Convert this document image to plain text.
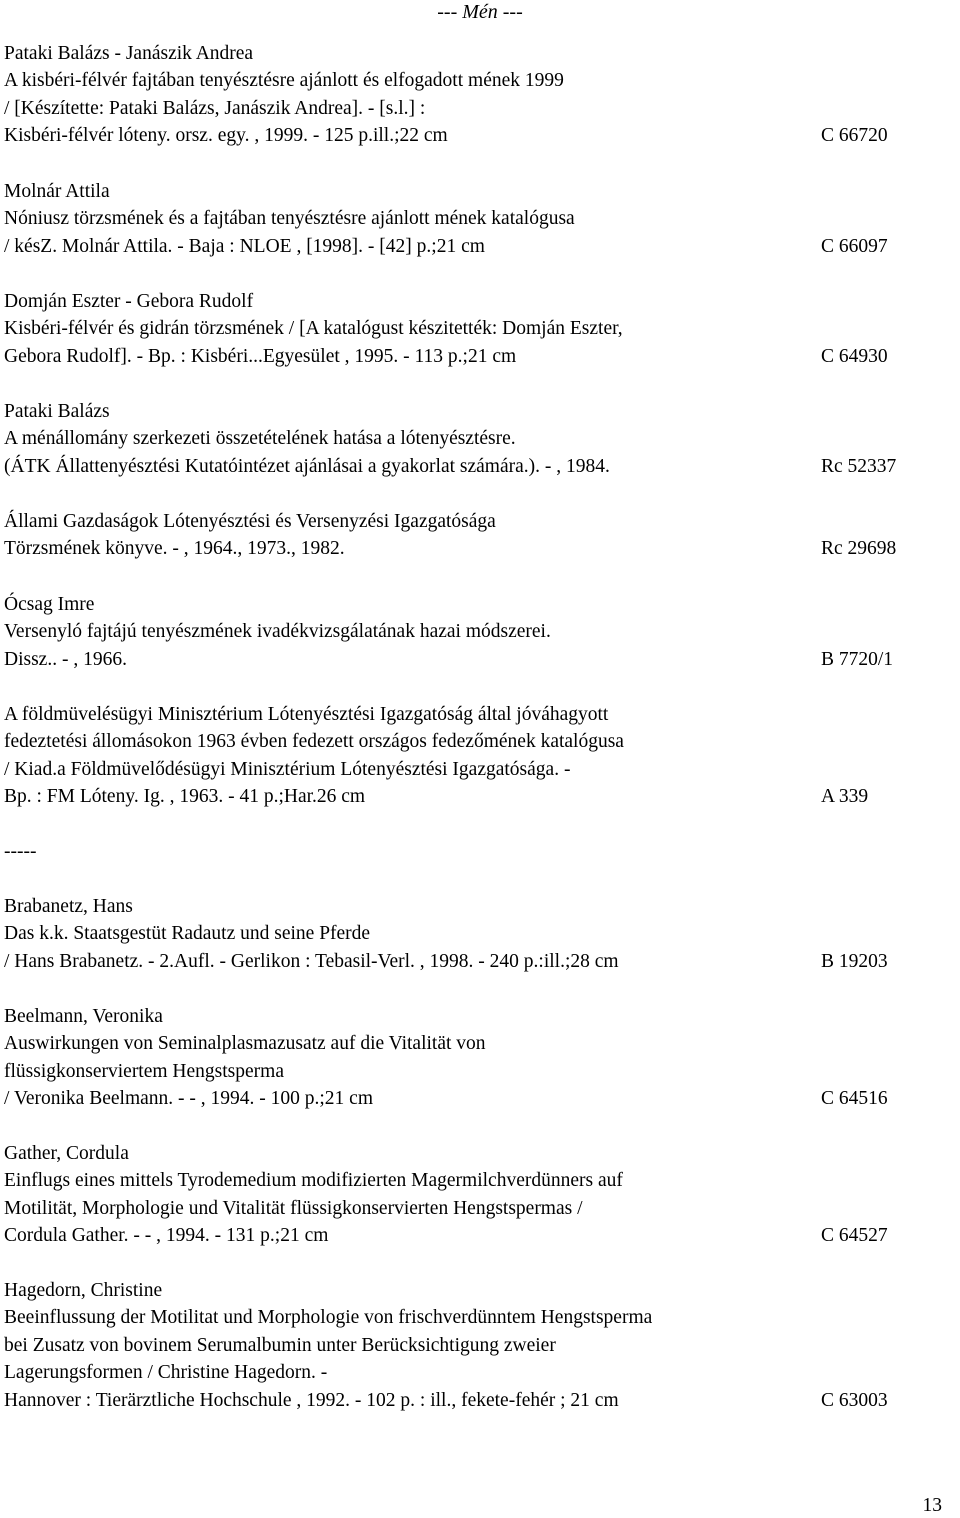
--- Mén ---
Pataki Balázs - Janászik Andrea
A kisbéri-félvér fajtában tenyésztésre ajánlott és elfogadott mének 1999
/ [Készítette: Pataki Balázs, Janászik Andrea]. - [s.l.] :
Kisbéri-félvér lóteny. orsz. egy. , 1999. - 125 p.ill.;22 cm	C 66720
Molnár Attila
Nóniusz törzsmének és a fajtában tenyésztésre ajánlott mének katalógusa
/ késZ. Molnár Attila. - Baja : NLOE , [1998]. - [42] p.;21 cm	C 66097
Domján Eszter - Gebora Rudolf
Kisbéri-félvér és gidrán törzsmének / [A katalógust készitették: Domján Eszter,
Gebora Rudolf]. - Bp. : Kisbéri...Egyesület , 1995. - 113 p.;21 cm	C 64930
Pataki Balázs
A ménállomány szerkezeti összetételének hatása a lótenyésztésre.
(ÁTK Állattenyésztési Kutatóintézet ajánlásai a gyakorlat számára.). - , 1984.	Rc 52337
Állami Gazdaságok Lótenyésztési és Versenyzési Igazgatósága
Törzsmének könyve. - , 1964., 1973., 1982.	Rc 29698
Ócsag Imre
Versenyló fajtájú tenyészmének ivadékvizsgálatának hazai módszerei.
Dissz.. - , 1966.	B 7720/1
A földmüvelésügyi Minisztérium Lótenyésztési Igazgatóság által jóváhagyott
fedeztetési állomásokon 1963 évben fedezett országos fedezőmének katalógusa
/ Kiad.a Földmüvelődésügyi Minisztérium Lótenyésztési Igazgatósága. -
Bp. : FM Lóteny. Ig. , 1963. - 41 p.;Har.26 cm	A 339
-----
Brabanetz, Hans
Das k.k. Staatsgestüt Radautz und seine Pferde
/ Hans Brabanetz. - 2.Aufl. - Gerlikon : Tebasil-Verl. , 1998. - 240 p.:ill.;28 cm	B 19203
Beelmann, Veronika
Auswirkungen von Seminalplasmazusatz auf die Vitalität von
flüssigkonserviertem Hengstsperma
/ Veronika Beelmann. - - , 1994. - 100 p.;21 cm	C 64516
Gather, Cordula
Einflugs eines mittels Tyrodemedium modifizierten Magermilchverdünners auf
Motilität, Morphologie und Vitalität flüssigkonservierten Hengstspermas /
Cordula Gather. - - , 1994. - 131 p.;21 cm	C 64527
Hagedorn, Christine
Beeinflussung der Motilitat und Morphologie von frischverdünntem Hengstsperma
bei Zusatz von bovinem Serumalbumin unter Berücksichtigung zweier
Lagerungsformen / Christine Hagedorn. -
Hannover : Tierärztliche Hochschule , 1992. - 102 p. : ill., fekete-fehér ; 21 cm	C 63003
13
